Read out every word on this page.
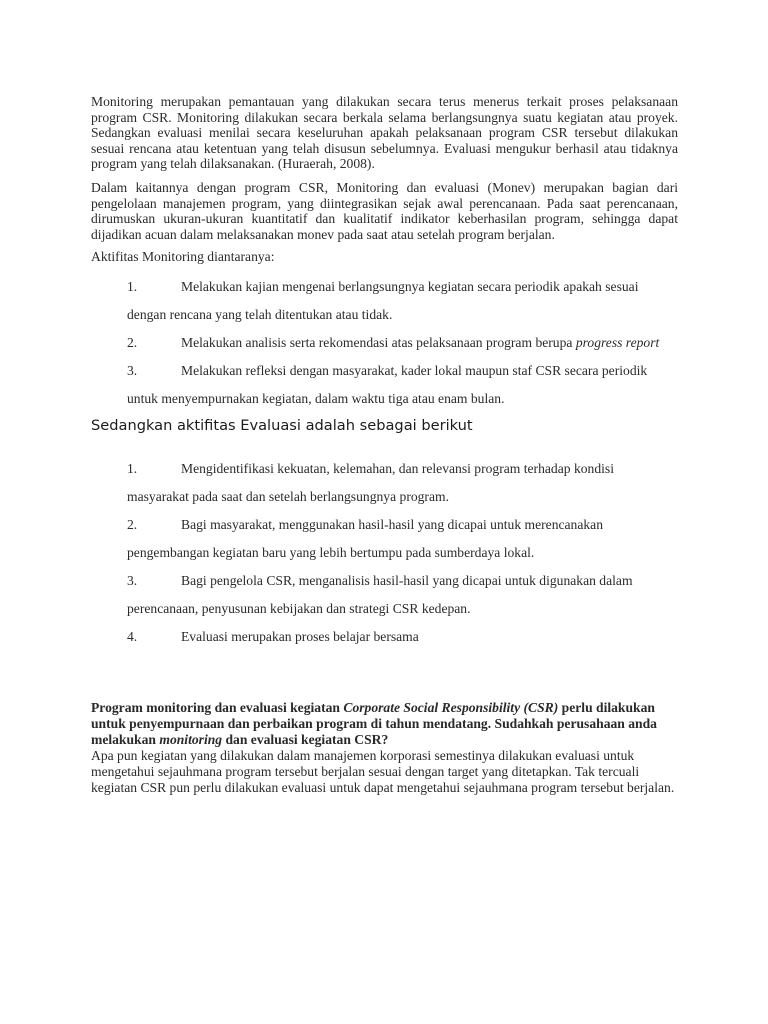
Monitoring merupakan pemantauan yang dilakukan secara terus menerus terkait proses pelaksanaan program CSR. Monitoring dilakukan secara berkala selama berlangsungnya suatu kegiatan atau proyek. Sedangkan evaluasi menilai secara keseluruhan apakah pelaksanaan program CSR tersebut dilakukan sesuai rencana atau ketentuan yang telah disusun sebelumnya. Evaluasi mengukur berhasil atau tidaknya program yang telah dilaksanakan. (Huraerah, 2008).

Dalam kaitannya dengan program CSR, Monitoring dan evaluasi (Monev) merupakan bagian dari pengelolaan manajemen program, yang diintegrasikan sejak awal perencanaan. Pada saat perencanaan, dirumuskan ukuran-ukuran kuantitatif dan kualitatif indikator keberhasilan program, sehingga dapat dijadikan acuan dalam melaksanakan monev pada saat atau setelah program berjalan.

Aktifitas Monitoring diantaranya:

1.	Melakukan kajian mengenai berlangsungnya kegiatan secara periodik apakah sesuai dengan rencana yang telah ditentukan atau tidak.
2.	Melakukan analisis serta rekomendasi atas pelaksanaan program berupa progress report
3.	Melakukan refleksi dengan masyarakat, kader lokal maupun staf CSR secara periodik untuk menyempurnakan kegiatan, dalam waktu tiga atau enam bulan.
Sedangkan aktifitas Evaluasi adalah sebagai berikut
1.	Mengidentifikasi kekuatan, kelemahan, dan relevansi program terhadap kondisi masyarakat pada saat dan setelah berlangsungnya program.
2.	Bagi masyarakat, menggunakan hasil-hasil yang dicapai untuk merencanakan pengembangan kegiatan baru yang lebih bertumpu pada sumberdaya lokal.
3.	Bagi pengelola CSR, menganalisis hasil-hasil yang dicapai untuk digunakan dalam perencanaan, penyusunan kebijakan dan strategi CSR kedepan.
4.	Evaluasi merupakan proses belajar bersama

Program monitoring dan evaluasi kegiatan Corporate Social Responsibility (CSR) perlu dilakukan untuk penyempurnaan dan perbaikan program di tahun mendatang. Sudahkah perusahaan anda melakukan monitoring dan evaluasi kegiatan CSR?

Apa pun kegiatan yang dilakukan dalam manajemen korporasi semestinya dilakukan evaluasi untuk mengetahui sejauhmana program tersebut berjalan sesuai dengan target yang ditetapkan. Tak tercuali kegiatan CSR pun perlu dilakukan evaluasi untuk dapat mengetahui sejauhmana program tersebut berjalan.
